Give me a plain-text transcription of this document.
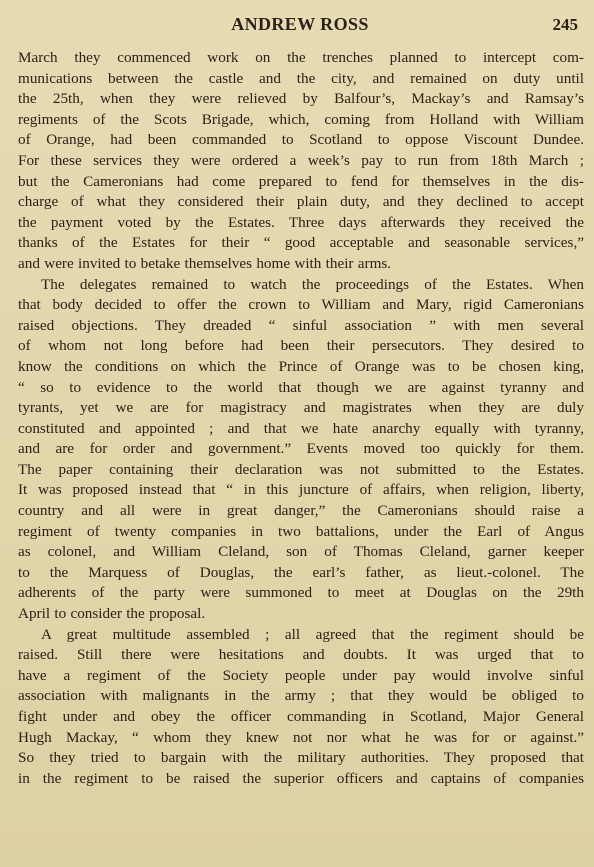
ANDREW ROSS	245
March they commenced work on the trenches planned to intercept com-
munications between the castle and the city, and remained on duty until
the 25th, when they were relieved by Balfour’s, Mackay’s and Ramsay’s
regiments of the Scots Brigade, which, coming from Holland with William
of Orange, had been commanded to Scotland to oppose Viscount Dundee.
For these services they were ordered a week’s pay to run from 18th March ;
but the Cameronians had come prepared to fend for themselves in the dis-
charge of what they considered their plain duty, and they declined to accept
the payment voted by the Estates. Three days afterwards they received the
thanks of the Estates for their “ good acceptable and seasonable services,”
and were invited to betake themselves home with their arms.
The delegates remained to watch the proceedings of the Estates. When
that body decided to offer the crown to William and Mary, rigid Cameronians
raised objections. They dreaded “ sinful association ” with men several
of whom not long before had been their persecutors. They desired to
know the conditions on which the Prince of Orange was to be chosen king,
“ so to evidence to the world that though we are against tyranny and
tyrants, yet we are for magistracy and magistrates when they are duly
constituted and appointed ; and that we hate anarchy equally with tyranny,
and are for order and government.” Events moved too quickly for them.
The paper containing their declaration was not submitted to the Estates.
It was proposed instead that “ in this juncture of affairs, when religion, liberty,
country and all were in great danger,” the Cameronians should raise a
regiment of twenty companies in two battalions, under the Earl of Angus
as colonel, and William Cleland, son of Thomas Cleland, garner keeper
to the Marquess of Douglas, the earl’s father, as lieut.-colonel. The
adherents of the party were summoned to meet at Douglas on the 29th
April to consider the proposal.
A great multitude assembled ; all agreed that the regiment should be
raised. Still there were hesitations and doubts. It was urged that to
have a regiment of the Society people under pay would involve sinful
association with malignants in the army ; that they would be obliged to
fight under and obey the officer commanding in Scotland, Major General
Hugh Mackay, “ whom they knew not nor what he was for or against.”
So they tried to bargain with the military authorities. They proposed that
in the regiment to be raised the superior officers and captains of companies
